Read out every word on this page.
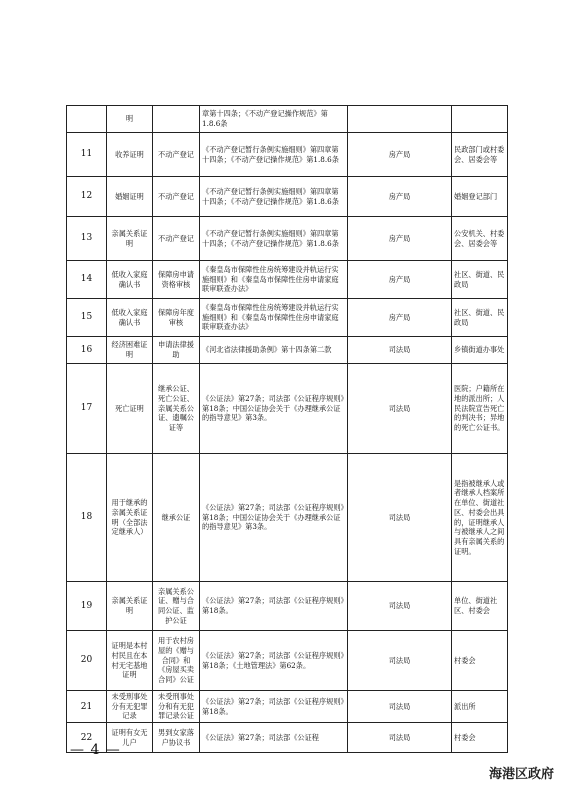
	明		章第十四条；《不动产登记操作规范》第1.8.6条		
11	收养证明	不动产登记	《不动产登记暂行条例实施细则》第四章第十四条；《不动产登记操作规范》第1.8.6条	房产局	民政部门或村委会、居委会等
12	婚姻证明	不动产登记	《不动产登记暂行条例实施细则》第四章第十四条；《不动产登记操作规范》第1.8.6条	房产局	婚姻登记部门
13	亲属关系证明	不动产登记	《不动产登记暂行条例实施细则》第四章第十四条；《不动产登记操作规范》第1.8.6条	房产局	公安机关、村委会、居委会等
14	低收入家庭确认书	保障房申请资格审核	《秦皇岛市保障性住房统筹建设并轨运行实施细则》和《秦皇岛市保障性住房申请家庭联审联查办法》	房产局	社区、街道、民政局
15	低收入家庭确认书	保障房年度审核	《秦皇岛市保障性住房统筹建设并轨运行实施细则》和《秦皇岛市保障性住房申请家庭联审联查办法》	房产局	社区、街道、民政局
16	经济困难证明	申请法律援助	《河北省法律援助条例》第十四条第二款	司法局	乡镇街道办事处
17	死亡证明	继承公证、死亡公证、亲属关系公证、遗嘱公证等	《公证法》第27条；司法部《公证程序规则》第18条；中国公证协会关于《办理继承公证的指导意见》第3条。	司法局	医院；户籍所在地的派出所；人民法院宣告死亡的判决书；异地的死亡公证书。
18	用于继承的亲属关系证明（全部法定继承人）	继承公证	《公证法》第27条；司法部《公证程序规则》第18条；中国公证协会关于《办理继承公证的指导意见》第3条。	司法局	是指被继承人或者继承人档案所在单位、街道社区、村委会出具的，证明继承人与被继承人之间具有亲属关系的证明。
19	亲属关系证明	亲属关系公证、赠与合同公证、监护公证	《公证法》第27条；司法部《公证程序规则》第18条。	司法局	单位、街道社区、村委会
20	证明是本村村民且在本村无宅基地证明	用于农村房屋的《赠与合同》和《房屋买卖合同》公证	《公证法》第27条；司法部《公证程序规则》第18条；《土地管理法》第62条。	司法局	村委会
21	未受刑事处分有无犯罪记录	未受刑事处分和有无犯罪记录公证	《公证法》第27条；司法部《公证程序规则》第18条。	司法局	派出所
22	证明有女无儿户	男到女家落户协议书	《公证法》第27条；司法部《公证程	司法局	村委会
— 4 —
海港区政府
